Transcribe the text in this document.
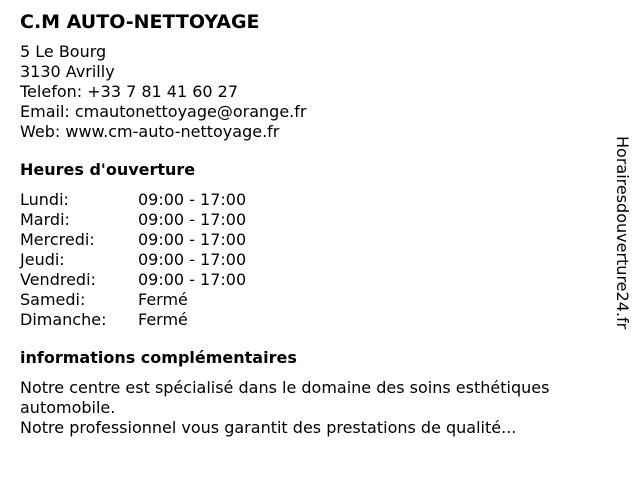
C.M AUTO-NETTOYAGE
5 Le Bourg
3130 Avrilly
Telefon: +33 7 81 41 60 27
Email: cmautonettoyage@orange.fr
Web: www.cm-auto-nettoyage.fr
Heures d'ouverture
Lundi:	09:00 - 17:00
Mardi:	09:00 - 17:00
Mercredi:	09:00 - 17:00
Jeudi:	09:00 - 17:00
Vendredi:	09:00 - 17:00
Samedi:	Fermé
Dimanche:	Fermé
informations complémentaires
Notre centre est spécialisé dans le domaine des soins esthétiques automobile.
Notre professionnel vous garantit des prestations de qualité...
Horairesdouverture24.fr
